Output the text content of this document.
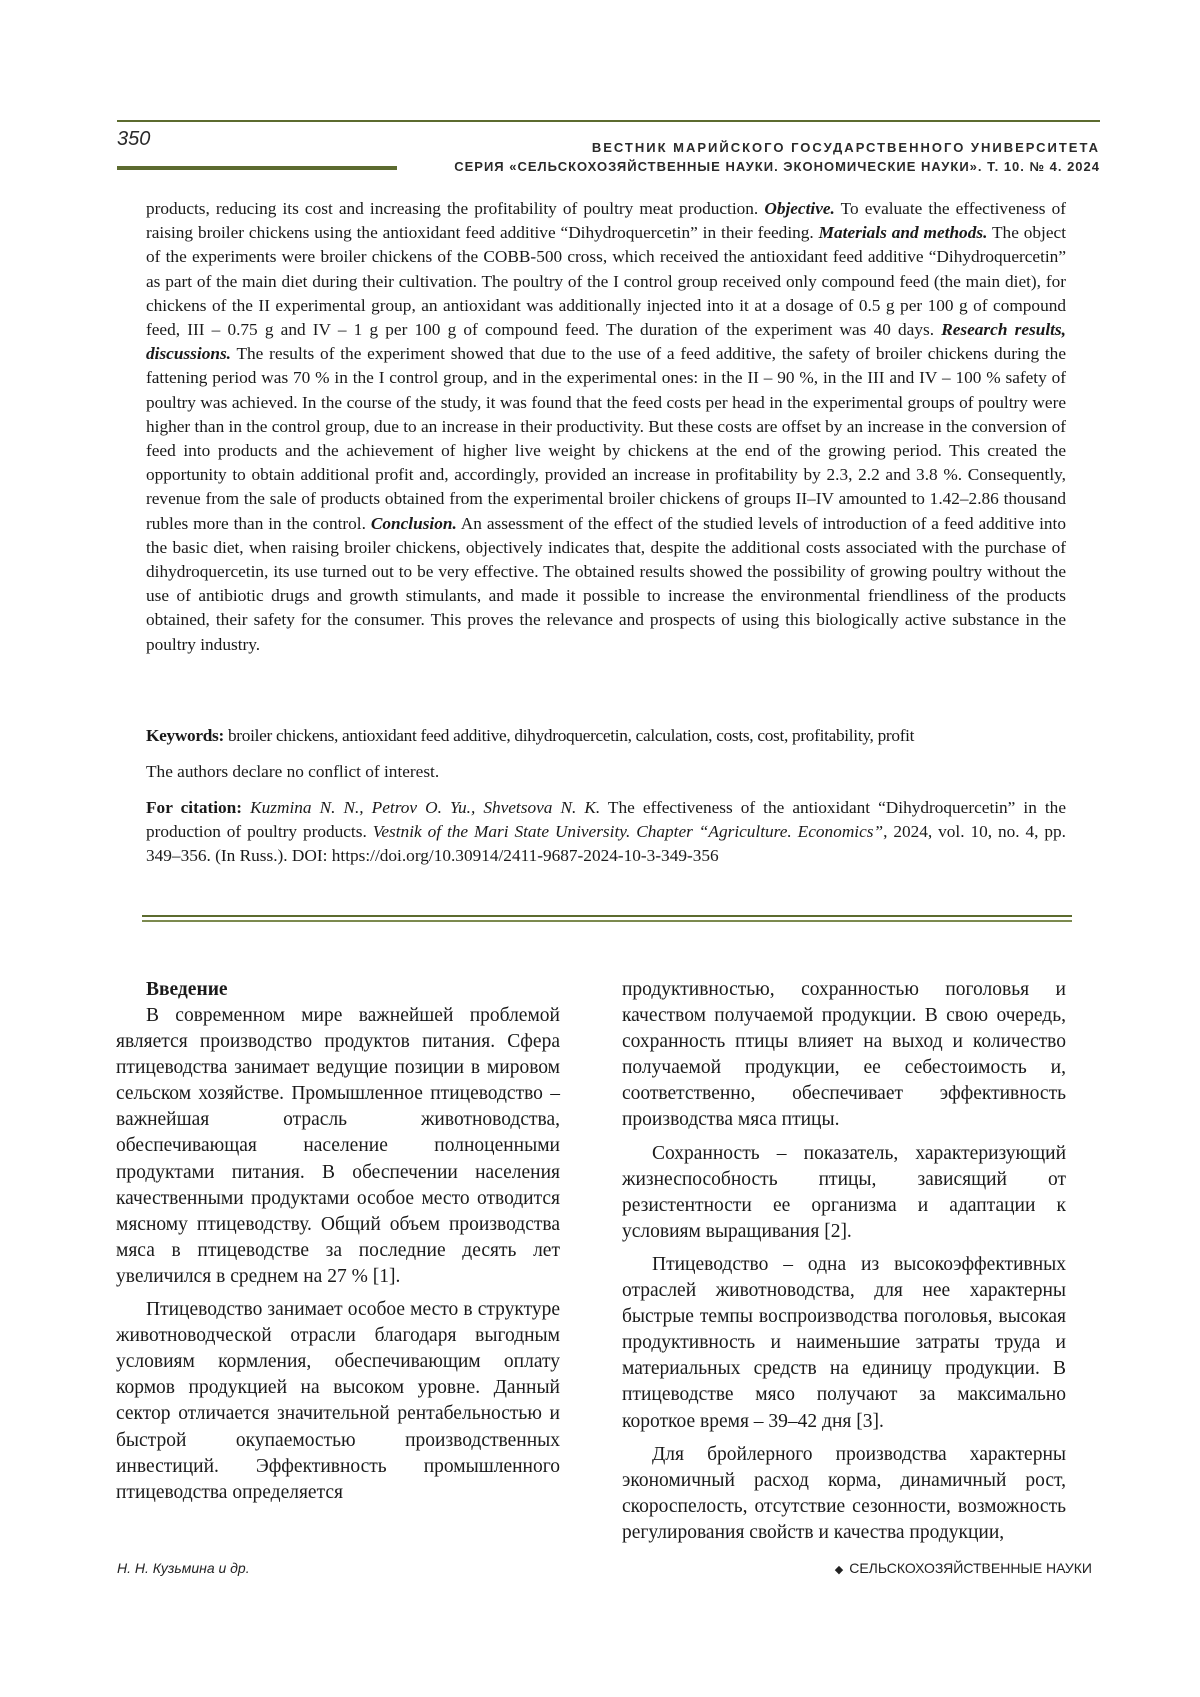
350	ВЕСТНИК МАРИЙСКОГО ГОСУДАРСТВЕННОГО УНИВЕРСИТЕТА
СЕРИЯ «СЕЛЬСКОХОЗЯЙСТВЕННЫЕ НАУКИ. ЭКОНОМИЧЕСКИЕ НАУКИ». Т. 10. № 4. 2024

products, reducing its cost and increasing the profitability of poultry meat production. Objective. To evaluate the effectiveness of raising broiler chickens using the antioxidant feed additive “Dihydroquercetin” in their feeding. Materials and methods. The object of the experiments were broiler chickens of the COBB-500 cross, which received the antioxidant feed additive “Dihydroquercetin” as part of the main diet during their cultivation. The poultry of the I control group received only compound feed (the main diet), for chickens of the II experimental group, an antioxidant was additionally injected into it at a dosage of 0.5 g per 100 g of compound feed, III – 0.75 g and IV – 1 g per 100 g of compound feed. The duration of the experiment was 40 days. Research results, discussions. The results of the experiment showed that due to the use of a feed additive, the safety of broiler chickens during the fattening period was 70 % in the I control group, and in the experimental ones: in the II – 90 %, in the III and IV – 100 % safety of poultry was achieved. In the course of the study, it was found that the feed costs per head in the experimental groups of poultry were higher than in the control group, due to an increase in their productivity. But these costs are offset by an increase in the conversion of feed into products and the achievement of higher live weight by chickens at the end of the growing period. This created the opportunity to obtain additional profit and, accordingly, provided an increase in profitability by 2.3, 2.2 and 3.8 %. Consequently, revenue from the sale of products obtained from the experimental broiler chickens of groups II–IV amounted to 1.42–2.86 thousand rubles more than in the control. Conclusion. An assessment of the effect of the studied levels of introduction of a feed additive into the basic diet, when raising broiler chickens, objectively indicates that, despite the additional costs associated with the purchase of dihydroquercetin, its use turned out to be very effective. The obtained results showed the possibility of growing poultry without the use of antibiotic drugs and growth stimulants, and made it possible to increase the environmental friendliness of the products obtained, their safety for the consumer. This proves the relevance and prospects of using this biologically active substance in the poultry industry.

Keywords: broiler chickens, antioxidant feed additive, dihydroquercetin, calculation, costs, cost, profitability, profit
The authors declare no conflict of interest.
For citation: Kuzmina N. N., Petrov O. Yu., Shvetsova N. K. The effectiveness of the antioxidant “Dihydroquercetin” in the production of poultry products. Vestnik of the Mari State University. Chapter “Agriculture. Economics”, 2024, vol. 10, no. 4, pp. 349–356. (In Russ.). DOI: https://doi.org/10.30914/2411-9687-2024-10-3-349-356
Введение

В современном мире важнейшей проблемой является производство продуктов питания. Сфера птицеводства занимает ведущие позиции в мировом сельском хозяйстве. Промышленное птицеводство – важнейшая отрасль животноводства, обеспечивающая население полноценными продуктами питания. В обеспечении населения качественными продуктами особое место отводится мясному птицеводству. Общий объем производства мяса в птицеводстве за последние десять лет увеличился в среднем на 27 % [1].

Птицеводство занимает особое место в структуре животноводческой отрасли благодаря выгодным условиям кормления, обеспечивающим оплату кормов продукцией на высоком уровне. Данный сектор отличается значительной рентабельностью и быстрой окупаемостью производственных инвестиций. Эффективность промышленного птицеводства определяется

продуктивностью, сохранностью поголовья и качеством получаемой продукции. В свою очередь, сохранность птицы влияет на выход и количество получаемой продукции, ее себестоимость и, соответственно, обеспечивает эффективность производства мяса птицы.

Сохранность – показатель, характеризующий жизнеспособность птицы, зависящий от резистентности ее организма и адаптации к условиям выращивания [2].

Птицеводство – одна из высокоэффективных отраслей животноводства, для нее характерны быстрые темпы воспроизводства поголовья, высокая продуктивность и наименьшие затраты труда и материальных средств на единицу продукции. В птицеводстве мясо получают за максимально короткое время – 39–42 дня [3].

Для бройлерного производства характерны экономичный расход корма, динамичный рост, скороспелость, отсутствие сезонности, возможность регулирования свойств и качества продукции,

Н. Н. Кузьмина и др.	◆ СЕЛЬСКОХОЗЯЙСТВЕННЫЕ НАУКИ
